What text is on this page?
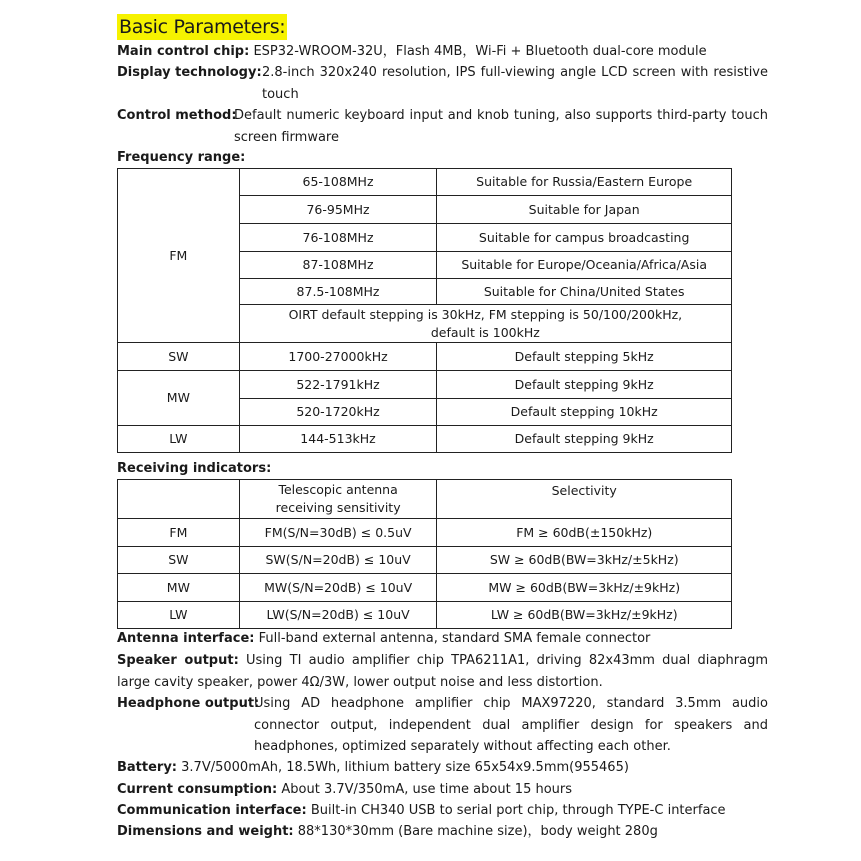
Basic Parameters:
Main control chip: ESP32-WROOM-32U，Flash 4MB，Wi-Fi + Bluetooth dual-core module
Display technology: 2.8-inch 320x240 resolution, IPS full-viewing angle LCD screen with resistive touch
Control method:
Default numeric keyboard input and knob tuning, also supports third-party touch screen firmware
Frequency range:
FM	65-108MHz	Suitable for Russia/Eastern Europe
	76-95MHz	Suitable for Japan
	76-108MHz	Suitable for campus broadcasting
	87-108MHz	Suitable for Europe/Oceania/Africa/Asia
	87.5-108MHz	Suitable for China/United States
	OIRT default stepping is 30kHz, FM stepping is 50/100/200kHz, default is 100kHz	
SW	1700-27000kHz	Default stepping 5kHz
MW	522-1791kHz	Default stepping 9kHz
	520-1720kHz	Default stepping 10kHz
LW	144-513kHz	Default stepping 9kHz
Receiving indicators:
	Telescopic antenna receiving sensitivity	Selectivity
FM	FM(S/N=30dB) ≤ 0.5uV	FM ≥ 60dB(±150kHz)
SW	SW(S/N=20dB) ≤ 10uV	SW ≥ 60dB(BW=3kHz/±5kHz)
MW	MW(S/N=20dB) ≤ 10uV	MW ≥ 60dB(BW=3kHz/±9kHz)
LW	LW(S/N=20dB) ≤ 10uV	LW ≥ 60dB(BW=3kHz/±9kHz)
Antenna interface: Full-band external antenna, standard SMA female connector
Speaker output: Using TI audio amplifier chip TPA6211A1, driving 82x43mm dual diaphragm large cavity speaker, power 4Ω/3W, lower output noise and less distortion.
Headphone output:
Using AD headphone amplifier chip MAX97220, standard 3.5mm audio connector output, independent dual amplifier design for speakers and headphones, optimized separately without affecting each other.
Battery: 3.7V/5000mAh, 18.5Wh, lithium battery size 65x54x9.5mm(955465)
Current consumption: About 3.7V/350mA, use time about 15 hours
Communication interface: Built-in CH340 USB to serial port chip, through TYPE-C interface
Dimensions and weight: 88*130*30mm (Bare machine size)，body weight 280g
